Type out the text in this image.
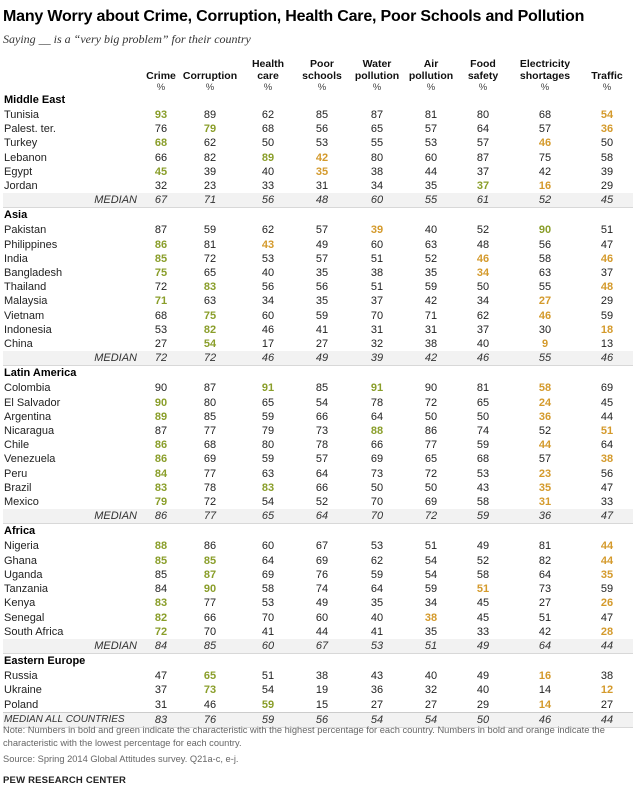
Many Worry about Crime, Corruption, Health Care, Poor Schools and Pollution
Saying __ is a “very big problem” for their country
	Crime	Corruption	Health care	Poor schools	Water pollution	Air pollution	Food safety	Electricity shortages	Traffic
	%	%	%	%	%	%	%	%	%
Middle East									
Tunisia	93	89	62	85	87	81	80	68	54
Palest. ter.	76	79	68	56	65	57	64	57	36
Turkey	68	62	50	53	55	53	57	46	50
Lebanon	66	82	89	42	80	60	87	75	58
Egypt	45	39	40	35	38	44	37	42	39
Jordan	32	23	33	31	34	35	37	16	29
MEDIAN	67	71	56	48	60	55	61	52	45
Asia									
Pakistan	87	59	62	57	39	40	52	90	51
Philippines	86	81	43	49	60	63	48	56	47
India	85	72	53	57	51	52	46	58	46
Bangladesh	75	65	40	35	38	35	34	63	37
Thailand	72	83	56	56	51	59	50	55	48
Malaysia	71	63	34	35	37	42	34	27	29
Vietnam	68	75	60	59	70	71	62	46	59
Indonesia	53	82	46	41	31	31	37	30	18
China	27	54	17	27	32	38	40	9	13
MEDIAN	72	72	46	49	39	42	46	55	46
Latin America									
Colombia	90	87	91	85	91	90	81	58	69
El Salvador	90	80	65	54	78	72	65	24	45
Argentina	89	85	59	66	64	50	50	36	44
Nicaragua	87	77	79	73	88	86	74	52	51
Chile	86	68	80	78	66	77	59	44	64
Venezuela	86	69	59	57	69	65	68	57	38
Peru	84	77	63	64	73	72	53	23	56
Brazil	83	78	83	66	50	50	43	35	47
Mexico	79	72	54	52	70	69	58	31	33
MEDIAN	86	77	65	64	70	72	59	36	47
Africa									
Nigeria	88	86	60	67	53	51	49	81	44
Ghana	85	85	64	69	62	54	52	82	44
Uganda	85	87	69	76	59	54	58	64	35
Tanzania	84	90	58	74	64	59	51	73	59
Kenya	83	77	53	49	35	34	45	27	26
Senegal	82	66	70	60	40	38	45	51	47
South Africa	72	70	41	44	41	35	33	42	28
MEDIAN	84	85	60	67	53	51	49	64	44
Eastern Europe									
Russia	47	65	51	38	43	40	49	16	38
Ukraine	37	73	54	19	36	32	40	14	12
Poland	31	46	59	15	27	27	29	14	27
MEDIAN ALL COUNTRIES	83	76	59	56	54	54	50	46	44
Note: Numbers in bold and green indicate the characteristic with the highest percentage for each country. Numbers in bold and orange indicate the characteristic with the lowest percentage for each country.
Source: Spring 2014 Global Attitudes survey. Q21a-c, e-j.
PEW RESEARCH CENTER
